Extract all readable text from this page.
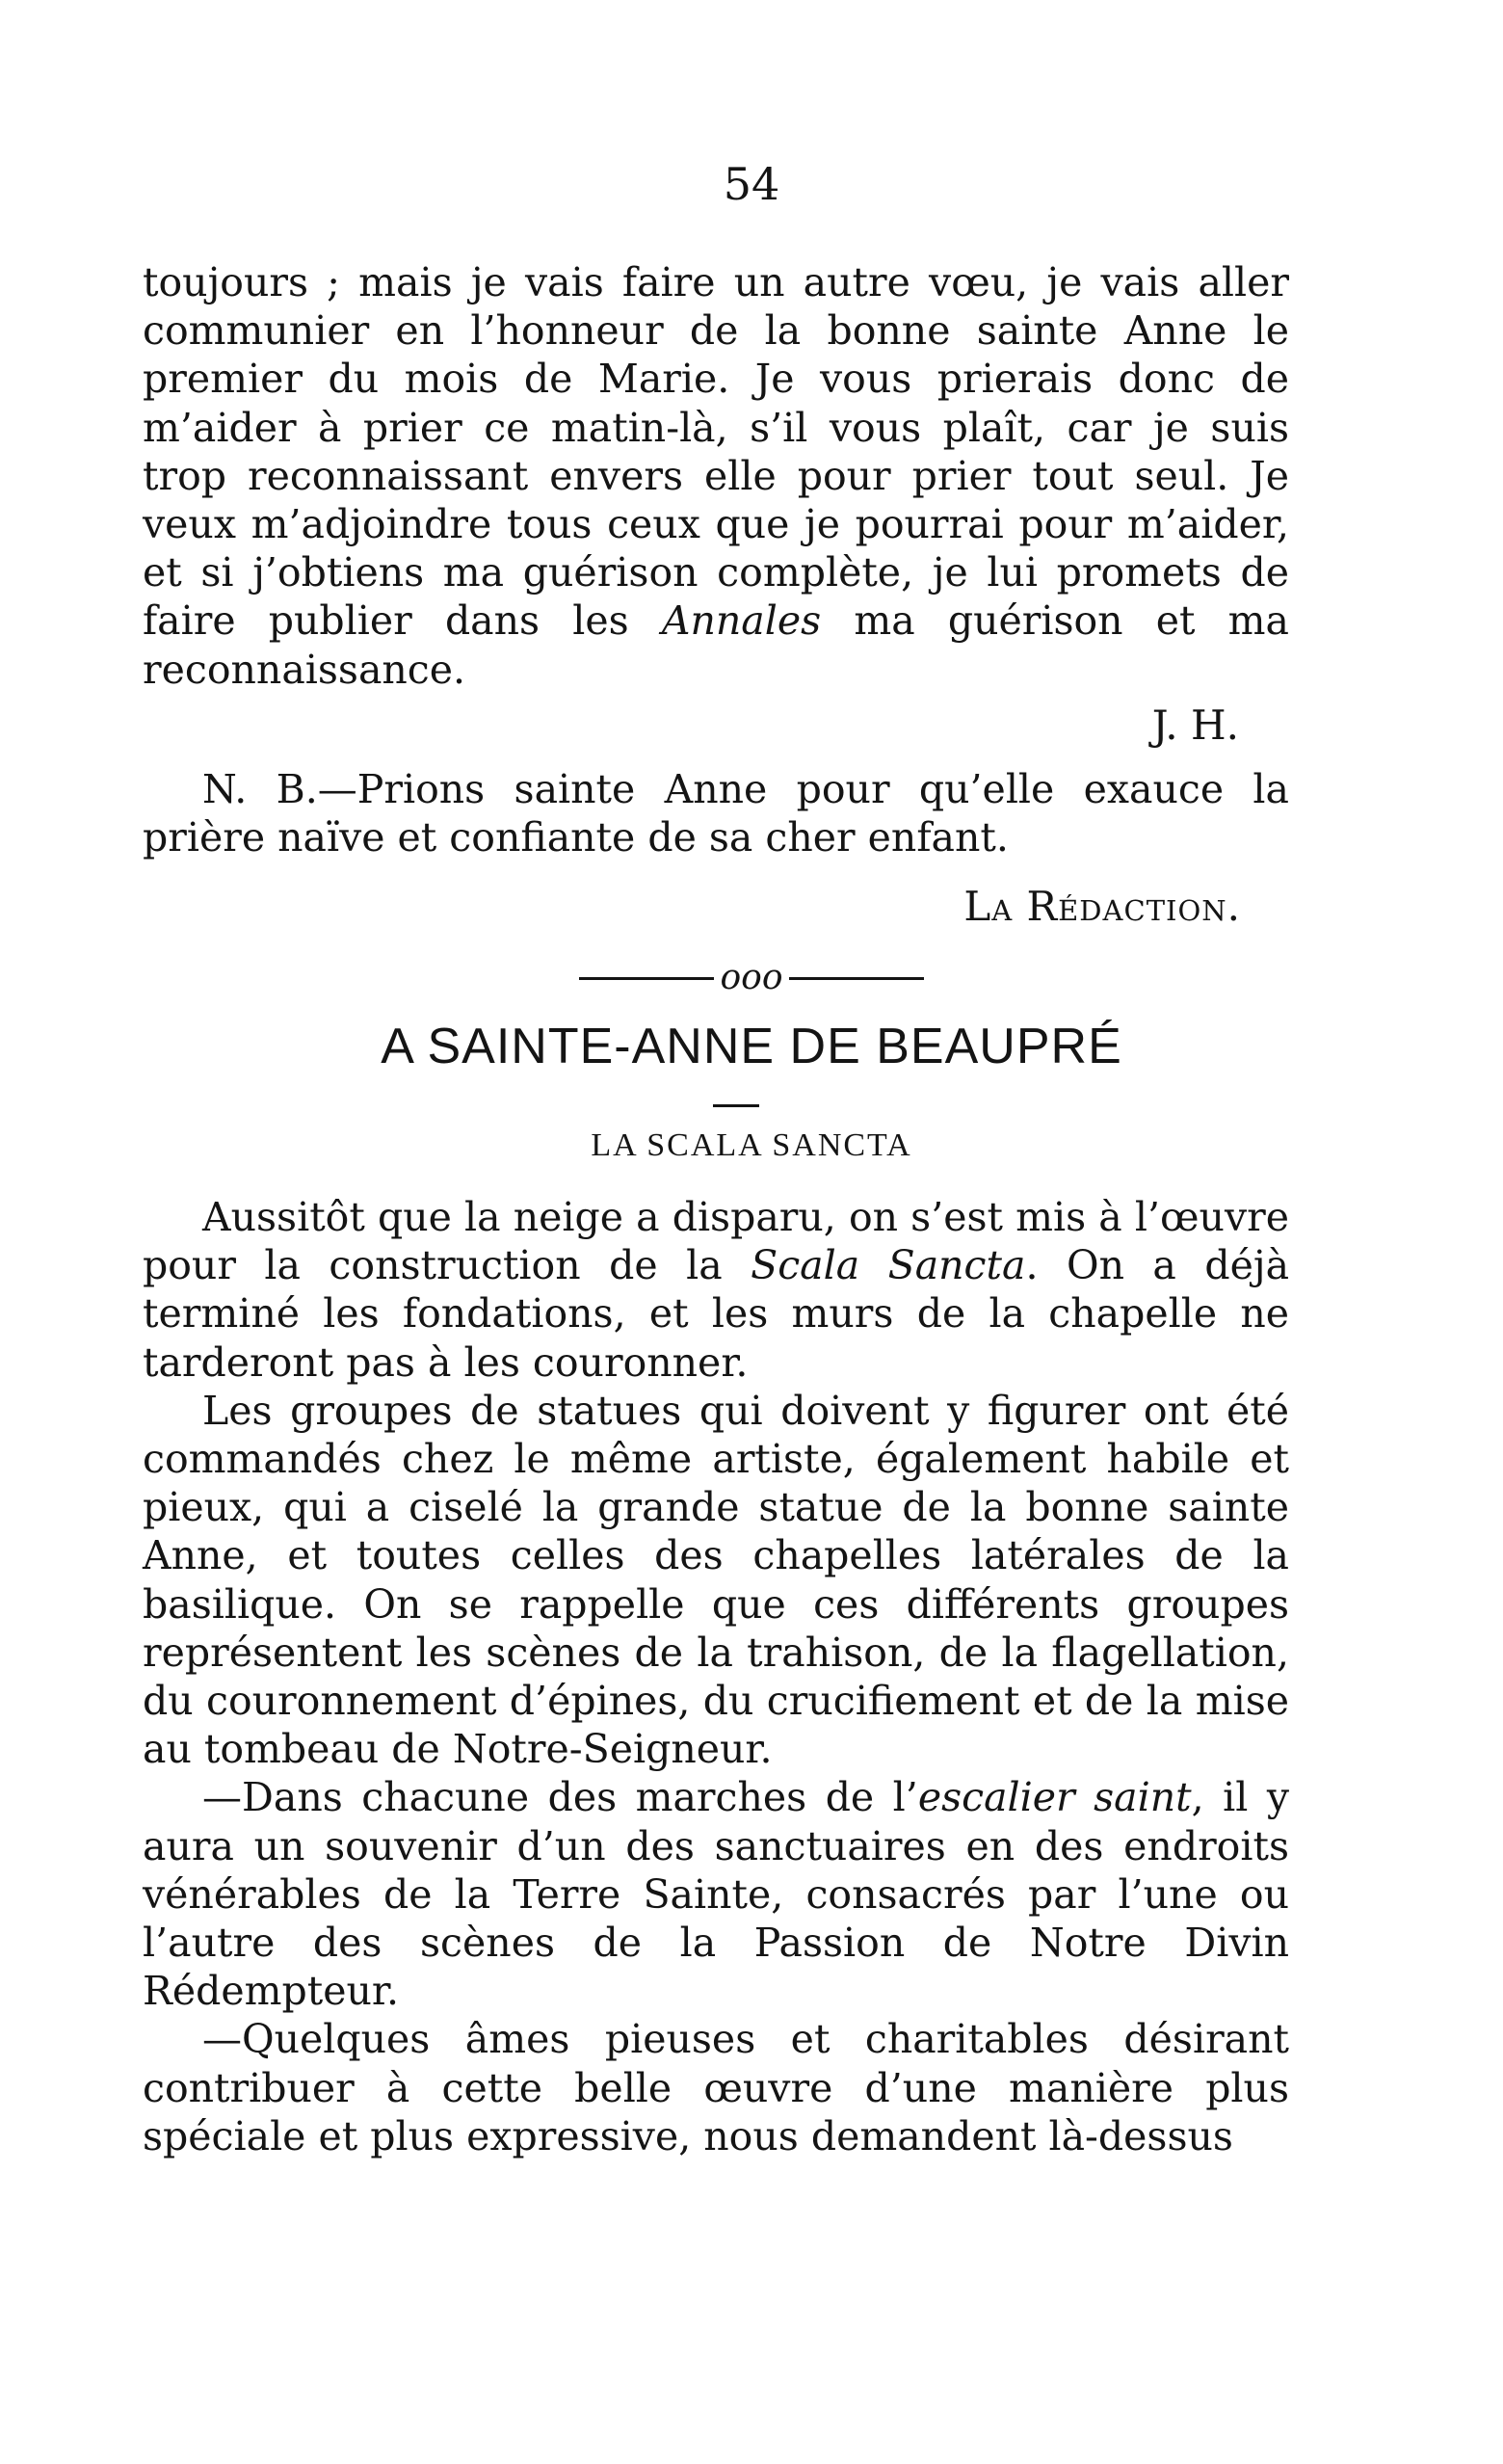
54

toujours ; mais je vais faire un autre vœu, je vais aller communier en l’honneur de la bonne sainte Anne le premier du mois de Marie. Je vous prierais donc de m’aider à prier ce matin-là, s’il vous plaît, car je suis trop reconnaissant envers elle pour prier tout seul. Je veux m’adjoindre tous ceux que je pourrai pour m’aider, et si j’obtiens ma guérison complète, je lui promets de faire publier dans les Annales ma guérison et ma reconnaissance.

J. H.
N. B.—Prions sainte Anne pour qu’elle exauce la prière naïve et confiante de sa cher enfant.
La Rédaction.
ooo
A SAINTE-ANNE DE BEAUPRÉ
LA SCALA SANCTA

Aussitôt que la neige a disparu, on s’est mis à l’œuvre pour la construction de la Scala Sancta. On a déjà terminé les fondations, et les murs de la chapelle ne tarderont pas à les couronner.

Les groupes de statues qui doivent y figurer ont été commandés chez le même artiste, également habile et pieux, qui a ciselé la grande statue de la bonne sainte Anne, et toutes celles des chapelles latérales de la basilique. On se rappelle que ces différents groupes représentent les scènes de la trahison, de la flagellation, du couronnement d’épines, du crucifiement et de la mise au tombeau de Notre-Seigneur.

—Dans chacune des marches de l’escalier saint, il y aura un souvenir d’un des sanctuaires en des endroits vénérables de la Terre Sainte, consacrés par l’une ou l’autre des scènes de la Passion de Notre Divin Rédempteur.

—Quelques âmes pieuses et charitables désirant contribuer à cette belle œuvre d’une manière plus spéciale et plus expressive, nous demandent là-dessus
